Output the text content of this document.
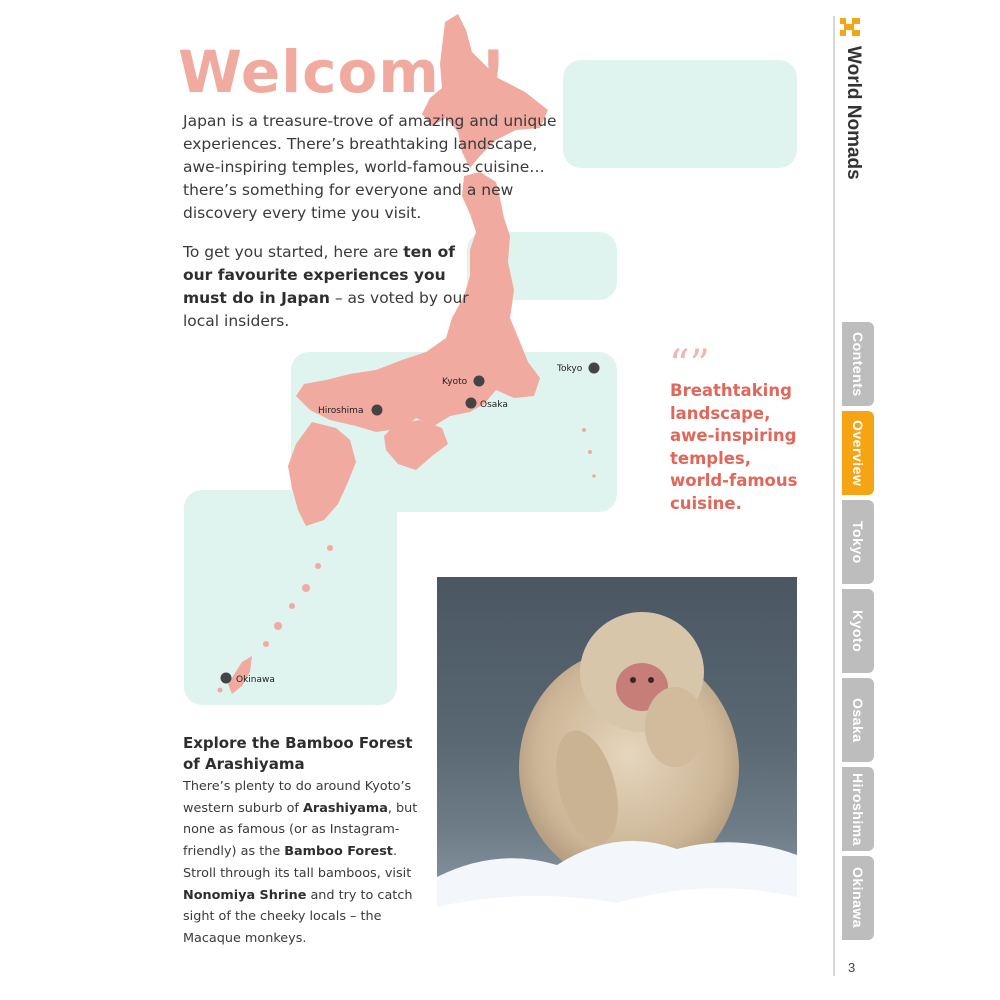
Tokyo
Kyoto
Osaka
Hiroshima
Okinawa
Welcome!
Japan is a treasure-trove of amazing and unique experiences. There’s breathtaking landscape, awe-inspiring temples, world-famous cuisine… there’s something for everyone and a new discovery every time you visit.
To get you started, here are ten of our favourite experiences you must do in Japan – as voted by our local insiders.
“”
Breathtaking landscape, awe-inspiring temples, world-famous cuisine.
Explore the Bamboo Forest of Arashiyama
There’s plenty to do around Kyoto’s western suburb of Arashiyama, but none as famous (or as Instagram-friendly) as the Bamboo Forest. Stroll through its tall bamboos, visit Nonomiya Shrine and try to catch sight of the cheeky locals – the Macaque monkeys.
World Nomads
Contents
Overview
Tokyo
Kyoto
Osaka
Hiroshima
Okinawa
3
